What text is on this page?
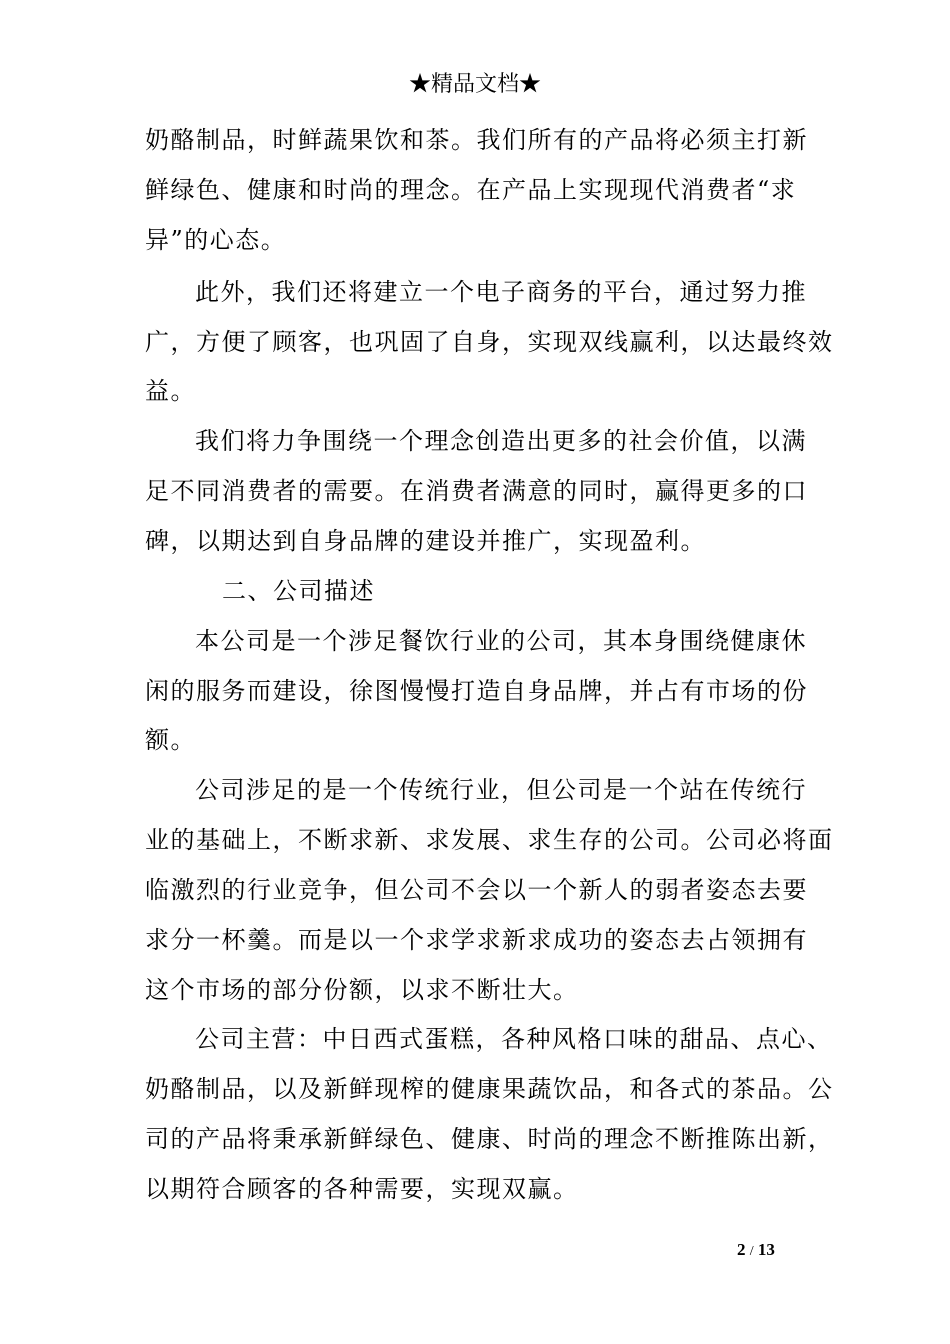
★精品文档★
奶酪制品，时鲜蔬果饮和茶。我们所有的产品将必须主打新
鲜绿色、健康和时尚的理念。在产品上实现现代消费者“求
异”的心态。
此外，我们还将建立一个电子商务的平台，通过努力推
广，方便了顾客，也巩固了自身，实现双线赢利，以达最终效
益。
我们将力争围绕一个理念创造出更多的社会价值，以满
足不同消费者的需要。在消费者满意的同时，赢得更多的口
碑，以期达到自身品牌的建设并推广，实现盈利。
二、公司描述
本公司是一个涉足餐饮行业的公司，其本身围绕健康休
闲的服务而建设，徐图慢慢打造自身品牌，并占有市场的份
额。
公司涉足的是一个传统行业，但公司是一个站在传统行
业的基础上，不断求新、求发展、求生存的公司。公司必将面
临激烈的行业竞争，但公司不会以一个新人的弱者姿态去要
求分一杯羹。而是以一个求学求新求成功的姿态去占领拥有
这个市场的部分份额，以求不断壮大。
公司主营：中日西式蛋糕，各种风格口味的甜品、点心、
奶酪制品，以及新鲜现榨的健康果蔬饮品，和各式的茶品。公
司的产品将秉承新鲜绿色、健康、时尚的理念不断推陈出新，
以期符合顾客的各种需要，实现双赢。
2 / 13
